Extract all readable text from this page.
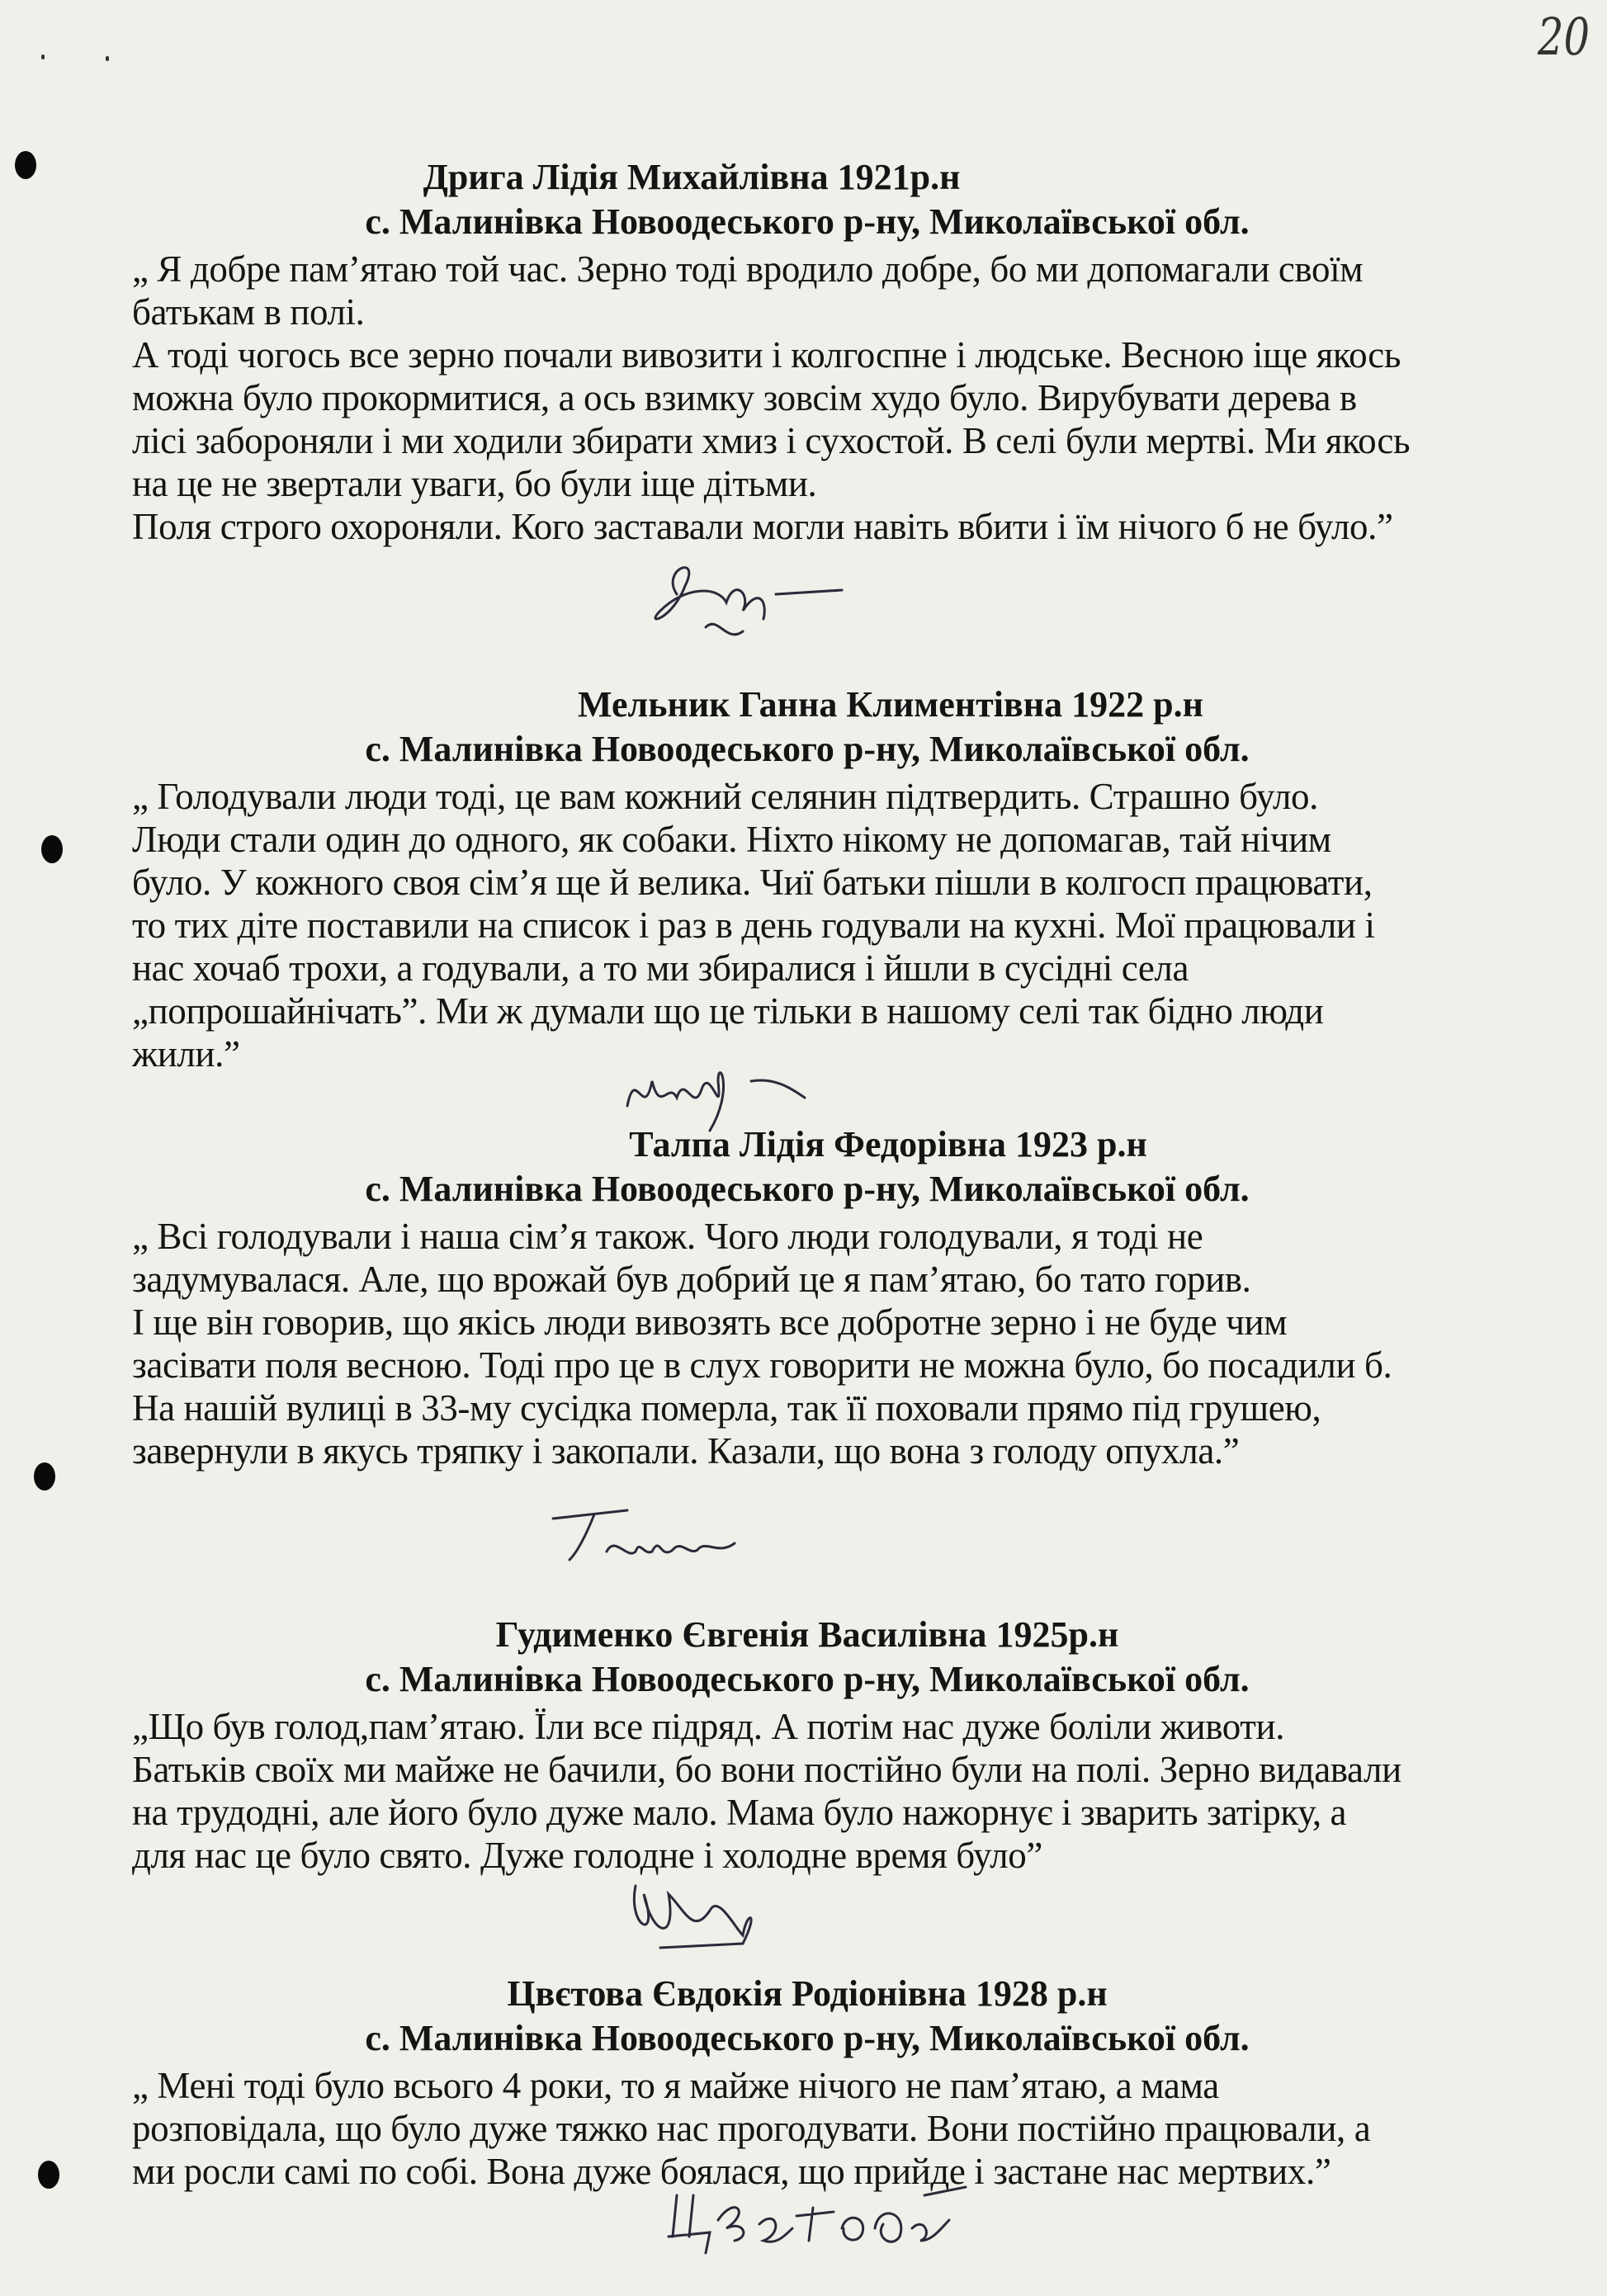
20
Дрига Лідія Михайлівна 1921р.н
с. Малинівка Новоодеського р-ну, Миколаївської обл.
„ Я добре пам’ятаю той час. Зерно тоді вродило добре, бо ми допомагали своїм
батькам в полі.
А тоді чогось все зерно почали вивозити і колгоспне і людське. Весною іще якось
можна було прокормитися, а ось взимку зовсім худо було. Вирубувати дерева в
лісі забороняли і ми ходили збирати хмиз і сухостой. В селі були мертві. Ми якось
на це не звертали уваги, бо були іще дітьми.
Поля строго охороняли. Кого заставали могли навіть вбити і їм нічого б не було.”
Мельник Ганна Климентівна 1922 р.н
с. Малинівка Новоодеського р-ну, Миколаївської обл.
„ Голодували люди тоді, це вам кожний селянин підтвердить. Страшно було.
Люди стали один до одного, як собаки. Ніхто нікому не допомагав, тай нічим
було. У кожного своя сім’я ще й велика. Чиї батьки пішли в колгосп працювати,
то тих діте поставили на список і раз в день годували на кухні. Мої працювали і
нас хочаб трохи, а годували, а то ми збиралися і йшли в сусідні села
„попрошайнічать”. Ми ж думали що це тільки в нашому селі так бідно люди
жили.”
Талпа Лідія Федорівна 1923 р.н
с. Малинівка Новоодеського р-ну, Миколаївської обл.
„ Всі голодували і наша сім’я також. Чого люди голодували, я тоді не
задумувалася. Але, що врожай був добрий це я пам’ятаю, бо тато горив.
І ще він говорив, що якісь люди вивозять все добротне зерно і не буде чим
засівати поля весною. Тоді про це в слух говорити не можна було, бо посадили б.
На нашій вулиці в 33-му сусідка померла, так її поховали прямо під грушею,
завернули в якусь тряпку і закопали. Казали, що вона з голоду опухла.”
Гудименко Євгенія Василівна 1925р.н
с. Малинівка Новоодеського р-ну, Миколаївської обл.
„Що був голод,пам’ятаю. Їли все підряд. А потім нас дуже боліли животи.
Батьків своїх ми майже не бачили, бо вони постійно були на полі. Зерно видавали
на трудодні, але його було дуже мало. Мама було нажорнує і зварить затірку, а
для нас це було свято. Дуже голодне і холодне время було”
Цвєтова Євдокія Родіонівна 1928 р.н
с. Малинівка Новоодеського р-ну, Миколаївської обл.
„ Мені тоді було всього 4 роки, то я майже нічого не пам’ятаю, а мама
розповідала, що було дуже тяжко нас прогодувати. Вони постійно працювали, а
ми росли самі по собі. Вона дуже боялася, що прийде і застане нас мертвих.”
